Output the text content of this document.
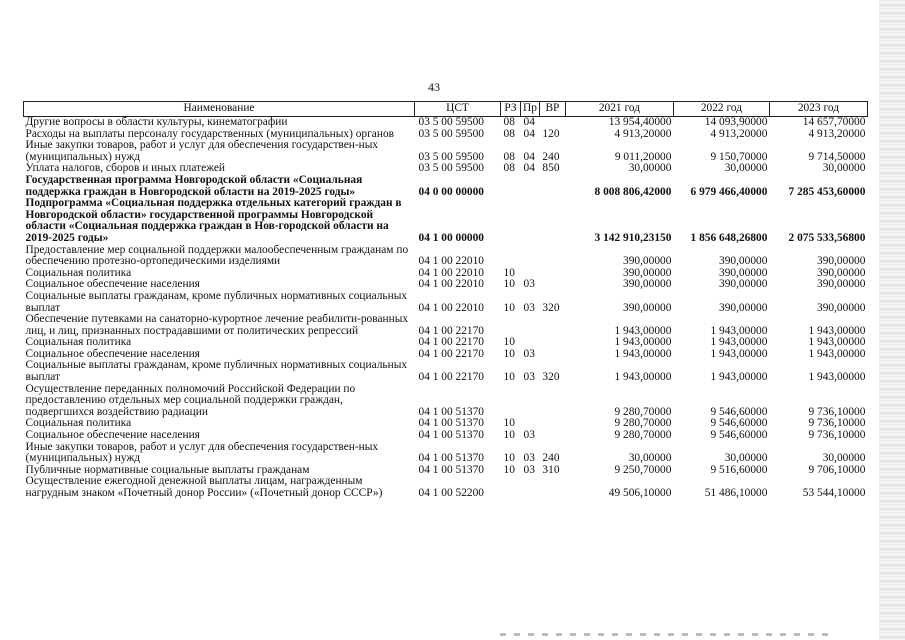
43
Наименование	ЦСТ	РЗ	Пр	ВР	2021 год	2022 год	2023 год
Другие вопросы в области культуры, кинематографии	03 5 00 59500	08	04		13 954,40000	14 093,90000	14 657,70000
Расходы на выплаты персоналу государственных (муниципальных) органов	03 5 00 59500	08	04	120	4 913,20000	4 913,20000	4 913,20000
Иные закупки товаров, работ и услуг для обеспечения государствен-ных (муниципальных) нужд	03 5 00 59500	08	04	240	9 011,20000	9 150,70000	9 714,50000
Уплата налогов, сборов и иных платежей	03 5 00 59500	08	04	850	30,00000	30,00000	30,00000
Государственная программа Новгородской области «Социальная поддержка граждан в Новгородской области на 2019-2025 годы»	04 0 00 00000				8 008 806,42000	6 979 466,40000	7 285 453,60000
Подпрограмма «Социальная поддержка отдельных категорий граждан в Новгородской области» государственной программы Новгородской области «Социальная поддержка граждан в Нов-городской области на 2019-2025 годы»	04 1 00 00000				3 142 910,23150	1 856 648,26800	2 075 533,56800
Предоставление мер социальной поддержки малообеспеченным гражданам по обеспечению протезно-ортопедическими изделиями	04 1 00 22010				390,00000	390,00000	390,00000
Социальная политика	04 1 00 22010	10			390,00000	390,00000	390,00000
Социальное обеспечение населения	04 1 00 22010	10	03		390,00000	390,00000	390,00000
Социальные выплаты гражданам, кроме публичных нормативных социальных выплат	04 1 00 22010	10	03	320	390,00000	390,00000	390,00000
Обеспечение путевками на санаторно-курортное лечение реабилити-рованных лиц, и лиц, признанных пострадавшими от политических репрессий	04 1 00 22170				1 943,00000	1 943,00000	1 943,00000
Социальная политика	04 1 00 22170	10			1 943,00000	1 943,00000	1 943,00000
Социальное обеспечение населения	04 1 00 22170	10	03		1 943,00000	1 943,00000	1 943,00000
Социальные выплаты гражданам, кроме публичных нормативных социальных выплат	04 1 00 22170	10	03	320	1 943,00000	1 943,00000	1 943,00000
Осуществление переданных полномочий Российской Федерации по предоставлению отдельных мер социальной поддержки граждан, подвергшихся воздействию радиации	04 1 00 51370				9 280,70000	9 546,60000	9 736,10000
Социальная политика	04 1 00 51370	10			9 280,70000	9 546,60000	9 736,10000
Социальное обеспечение населения	04 1 00 51370	10	03		9 280,70000	9 546,60000	9 736,10000
Иные закупки товаров, работ и услуг для обеспечения государствен-ных (муниципальных) нужд	04 1 00 51370	10	03	240	30,00000	30,00000	30,00000
Публичные нормативные социальные выплаты гражданам	04 1 00 51370	10	03	310	9 250,70000	9 516,60000	9 706,10000
Осуществление ежегодной денежной выплаты лицам, награжденным нагрудным знаком «Почетный донор России» («Почетный донор СССР»)	04 1 00 52200				49 506,10000	51 486,10000	53 544,10000
